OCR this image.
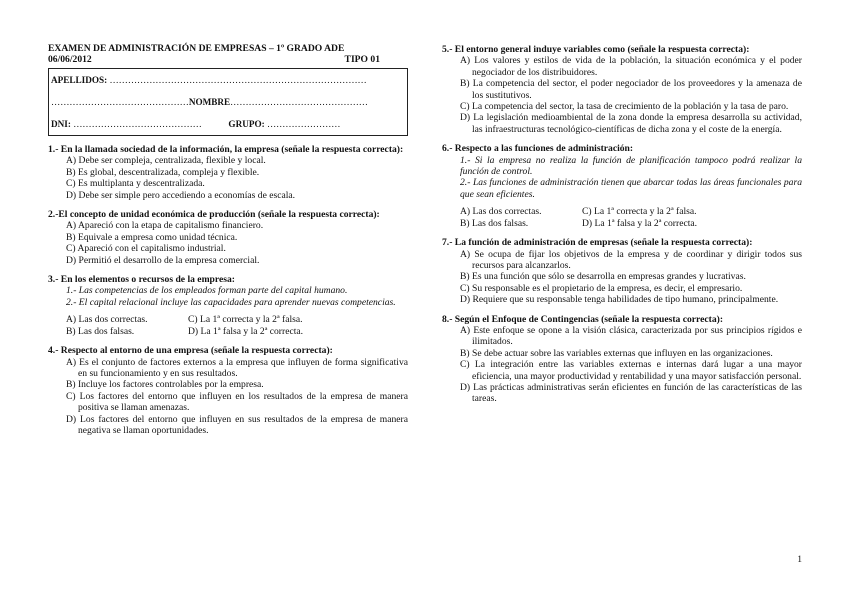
EXAMEN DE ADMINISTRACIÓN DE EMPRESAS – 1º GRADO ADE
06/06/2012	TIPO 01
APELLIDOS: …………………………………………………………………………
………………………………………NOMBRE………………………………………
DNI: ……………………………………	GRUPO: ……………………
1.- En la llamada sociedad de la información, la empresa (señale la respuesta correcta):
A) Debe ser compleja, centralizada, flexible y local.
B) Es global, descentralizada, compleja y flexible.
C) Es multiplanta y descentralizada.
D) Debe ser simple pero accediendo a economías de escala.
2.-El concepto de unidad económica de producción (señale la respuesta correcta):
A) Apareció con la etapa de capitalismo financiero.
B) Equivale a empresa como unidad técnica.
C) Apareció con el capitalismo industrial.
D) Permitió el desarrollo de la empresa comercial.
3.- En los elementos o recursos de la empresa:
1.- Las competencias de los empleados forman parte del capital humano.
2.- El capital relacional incluye las capacidades para aprender nuevas competencias.
A) Las dos correctas.	C) La 1ª correcta y la 2ª falsa.
B) Las dos falsas.	D) La 1ª falsa y la 2ª correcta.
4.- Respecto al entorno de una empresa (señale la respuesta correcta):
A) Es el conjunto de factores externos a la empresa que influyen de forma significativa en su funcionamiento y en sus resultados.
B) Incluye los factores controlables por la empresa.
C) Los factores del entorno que influyen en los resultados de la empresa de manera positiva se llaman amenazas.
D) Los factores del entorno que influyen en sus resultados de la empresa de manera negativa se llaman oportunidades.
5.- El entorno general induye variables como (señale la respuesta correcta):
A) Los valores y estilos de vida de la población, la situación económica y el poder negociador de los distribuidores.
B) La competencia del sector, el poder negociador de los proveedores y la amenaza de los sustitutivos.
C) La competencia del sector, la tasa de crecimiento de la población y la tasa de paro.
D) La legislación medioambiental de la zona donde la empresa desarrolla su actividad, las infraestructuras tecnológico-científicas de dicha zona y el coste de la energía.
6.- Respecto a las funciones de administración:
1.- Si la empresa no realiza la función de planificación tampoco podrá realizar la función de control.
2.- Las funciones de administración tienen que abarcar todas las áreas funcionales para que sean eficientes.
A) Las dos correctas.	C) La 1ª correcta y la 2ª falsa.
B) Las dos falsas.	D) La 1ª falsa y la 2ª correcta.
7.- La función de administración de empresas (señale la respuesta correcta):
A) Se ocupa de fijar los objetivos de la empresa y de coordinar y dirigir todos sus recursos para alcanzarlos.
B) Es una función que sólo se desarrolla en empresas grandes y lucrativas.
C) Su responsable es el propietario de la empresa, es decir, el empresario.
D) Requiere que su responsable tenga habilidades de tipo humano, principalmente.
8.- Según el Enfoque de Contingencias (señale la respuesta correcta):
A) Este enfoque se opone a la visión clásica, caracterizada por sus principios rígidos e ilimitados.
B) Se debe actuar sobre las variables externas que influyen en las organizaciones.
C) La integración entre las variables externas e internas dará lugar a una mayor eficiencia, una mayor productividad y rentabilidad y una mayor satisfacción personal.
D) Las prácticas administrativas serán eficientes en función de las características de las tareas.
1
